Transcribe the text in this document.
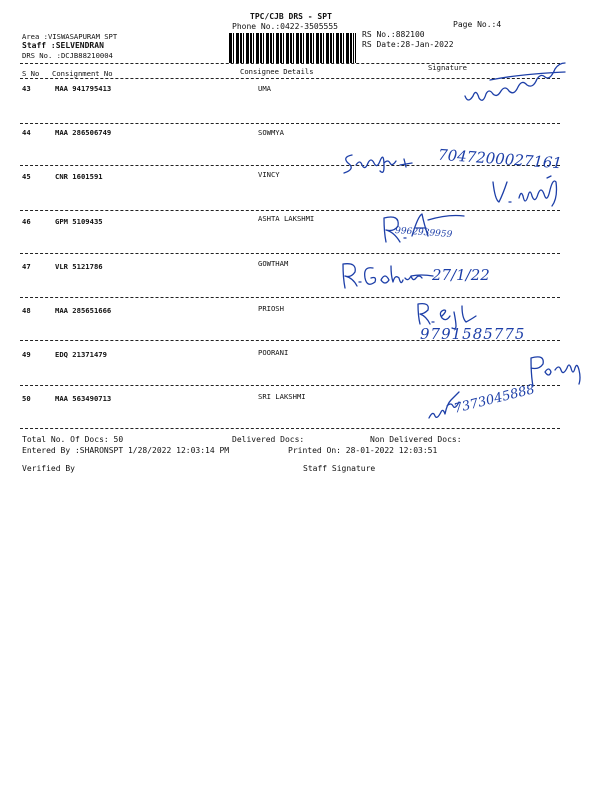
TPC/CJB DRS - SPT
Phone No.:0422-3505555	Page No.:4
Area :VISWASAPURAM SPT
Staff :SELVENDRAN
DRS No. :DCJB88210004
RS No.:882100
RS Date:28-Jan-2022
S No Consignment No	Consignee Details	Signature
43	MAA 941795413	UMA
44	MAA 286506749	SOWMYA
45	CNR 1601591	VINCY
46	GPM 5109435	ASHTA LAKSHMI
47	VLR 5121786	GOWTHAM
48	MAA 285651666	PRIOSH
49	EDQ 21371479	POORANI
50	MAA 563490713	SRI LAKSHMI
7047200027161
9962939959
27/1/22
9791585775
7373045888
Total No. Of Docs: 50	Delivered Docs:	Non Delivered Docs:
Entered By :SHARONSPT 1/28/2022 12:03:14 PM	Printed On: 28-01-2022 12:03:51
Verified By	Staff Signature
